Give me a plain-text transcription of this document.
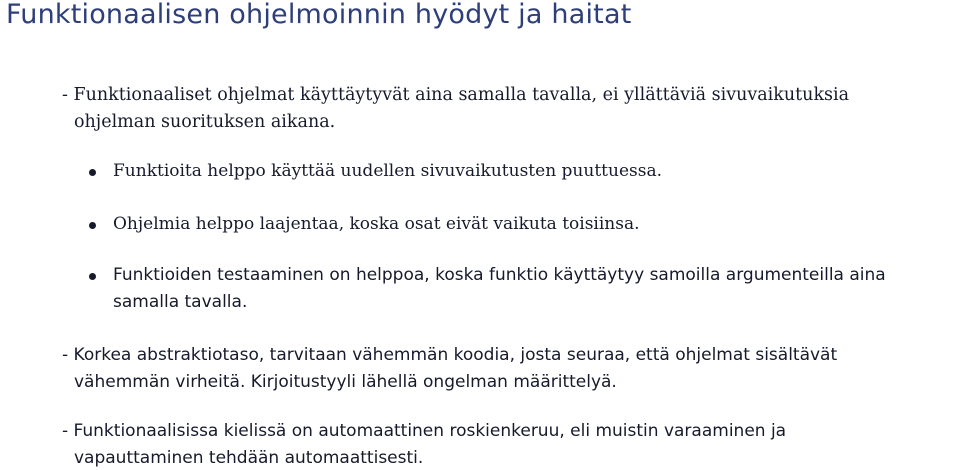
Funktionaalisen ohjelmoinnin hyödyt ja haitat
- Funktionaaliset ohjelmat käyttäytyvät aina samalla tavalla, ei yllättäviä sivuvaikutuksia
ohjelman suorituksen aikana.
Funktioita helppo käyttää uudellen sivuvaikutusten puuttuessa.
Ohjelmia helppo laajentaa, koska osat eivät vaikuta toisiinsa.
Funktioiden testaaminen on helppoa, koska funktio käyttäytyy samoilla argumenteilla aina
samalla tavalla.
- Korkea abstraktiotaso, tarvitaan vähemmän koodia, josta seuraa, että ohjelmat sisältävät
vähemmän virheitä. Kirjoitustyyli lähellä ongelman määrittelyä.
- Funktionaalisissa kielissä on automaattinen roskienkeruu, eli muistin varaaminen ja
vapauttaminen tehdään automaattisesti.
